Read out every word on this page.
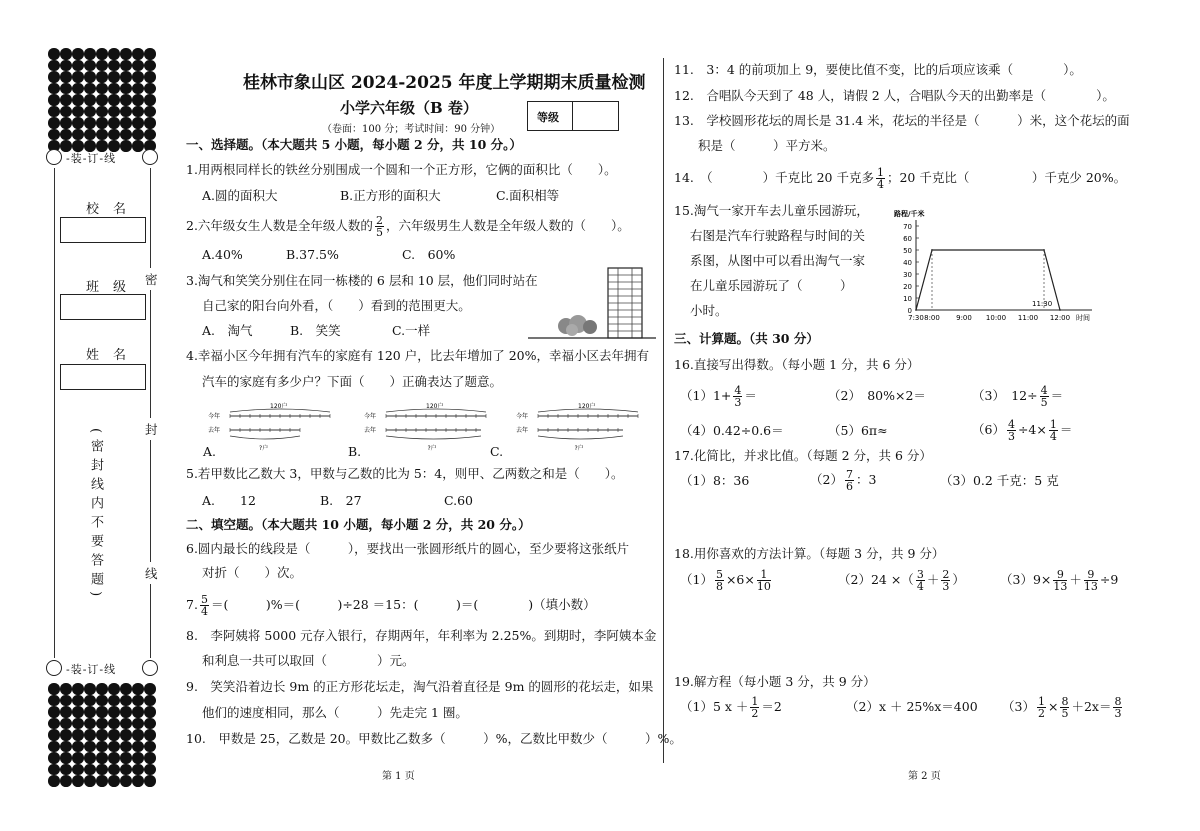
-装-订-线
-装-订-线
校名
班级
姓名
(密封线内不要答题)
密
封
线
桂林市象山区 2024-2025 年度上学期期末质量检测
小学六年级（B 卷）
（卷面：100 分；考试时间：90 分钟）
等级
一、选择题。（本大题共 5 小题，每小题 2 分，共 10 分。）
1.用两根同样长的铁丝分别围成一个圆和一个正方形，它俩的面积比（　　）。
A.圆的面积大	B.正方形的面积大	C.面积相等
2.六年级女生人数是全年级人数的 $\frac{2}{5}$ ，六年级男生人数是全年级人数的（　　）。
A.40%	B.37.5%	C.　60%
3.淘气和笑笑分别住在同一栋楼的 6 层和 10 层，他们同时站在
自己家的阳台向外看，（　　）看到的范围更大。
A.　淘气	B.　笑笑	C.一样
4.幸福小区今年拥有汽车的家庭有 120 户，比去年增加了 20%，幸福小区去年拥有
汽车的家庭有多少户？下面（　　）正确表达了题意。
120户
今年
去年
?户
120户
今年
去年
?户
120户
今年
去年
?户
A.	B.	C.
5.若甲数比乙数大 3，甲数与乙数的比为 5：4，则甲、乙两数之和是（　　）。
A.　　12	B.　27	C.60
二、填空题。（本大题共 10 小题，每小题 2 分，共 20 分。）
6.圆内最长的线段是（　　　），要找出一张圆形纸片的圆心，至少要将这张纸片
对折（　　）次。
7. $\frac{5}{4}$ ＝(　　　)%＝(　　　)÷28 ＝15：(　　　)＝(　　　　)（填小数）
8.　李阿姨将 5000 元存入银行，存期两年，年利率为 2.25%。到期时，李阿姨本金
和利息一共可以取回（　　　　）元。
9.　笑笑沿着边长 9m 的正方形花坛走，淘气沿着直径是 9m 的圆形的花坛走，如果
他们的速度相同，那么（　　　）先走完 1 圈。
10.　甲数是 25，乙数是 20。甲数比乙数多（　　　）%，乙数比甲数少（　　　）%。
第 1 页
11.　3：4 的前项加上 9，要使比值不变，比的后项应该乘（　　　　）。
12.　合唱队今天到了 48 人，请假 2 人，合唱队今天的出勤率是（　　　　）。
13.　学校圆形花坛的周长是 31.4 米，花坛的半径是（　　　）米，这个花坛的面
积是（　　　）平方米。
14.　（　　　　）千克比 20 千克多 $\frac{1}{4}$ ；20 千克比（　　　　　）千克少 20%。
15.淘气一家开车去儿童乐园游玩，
右图是汽车行驶路程与时间的关
系图，从图中可以看出淘气一家
在儿童乐园游玩了（　　　）
小时。
路程/千米
0
10
20
30
40
50
60
70
7:30 8:00 9:00 10:00 11:00 12:00 时间
11:30
三、计算题。（共 30 分）
16.直接写出得数。（每小题 1 分，共 6 分）
$(1)1+ \frac{4}{3}$ ＝	（2）　80%×2＝	（3）　$12\div \frac{4}{5}$ ＝
（4）0.42÷0.6＝	（5）6π≈	$(6) \frac{4}{3} \div 4\times \frac{1}{4}$ ＝
17.化简比，并求比值。（每题 2 分，共 6 分）
（1）8：36	$(2) \frac{7}{6}$ ：3	（3）0.2 千克：5 克
18.用你喜欢的方法计算。（每题 3 分，共 9 分）
$(1) \frac{5}{8} \times 6\times \frac{1}{10}$	（2）24 ×（ $\frac{3}{4} + \frac{2}{3}$ ）	$(3)9\times \frac{9}{13} + \frac{9}{13} \div 9$
19.解方程（每小题 3 分，共 9 分）
（1）5 $x + \frac{1}{2} =2$	（2）x ＋ 25%x＝400 $(3) \frac{1}{2} \times \frac{8}{5} +2x= \frac{8}{3}$
第 2 页
